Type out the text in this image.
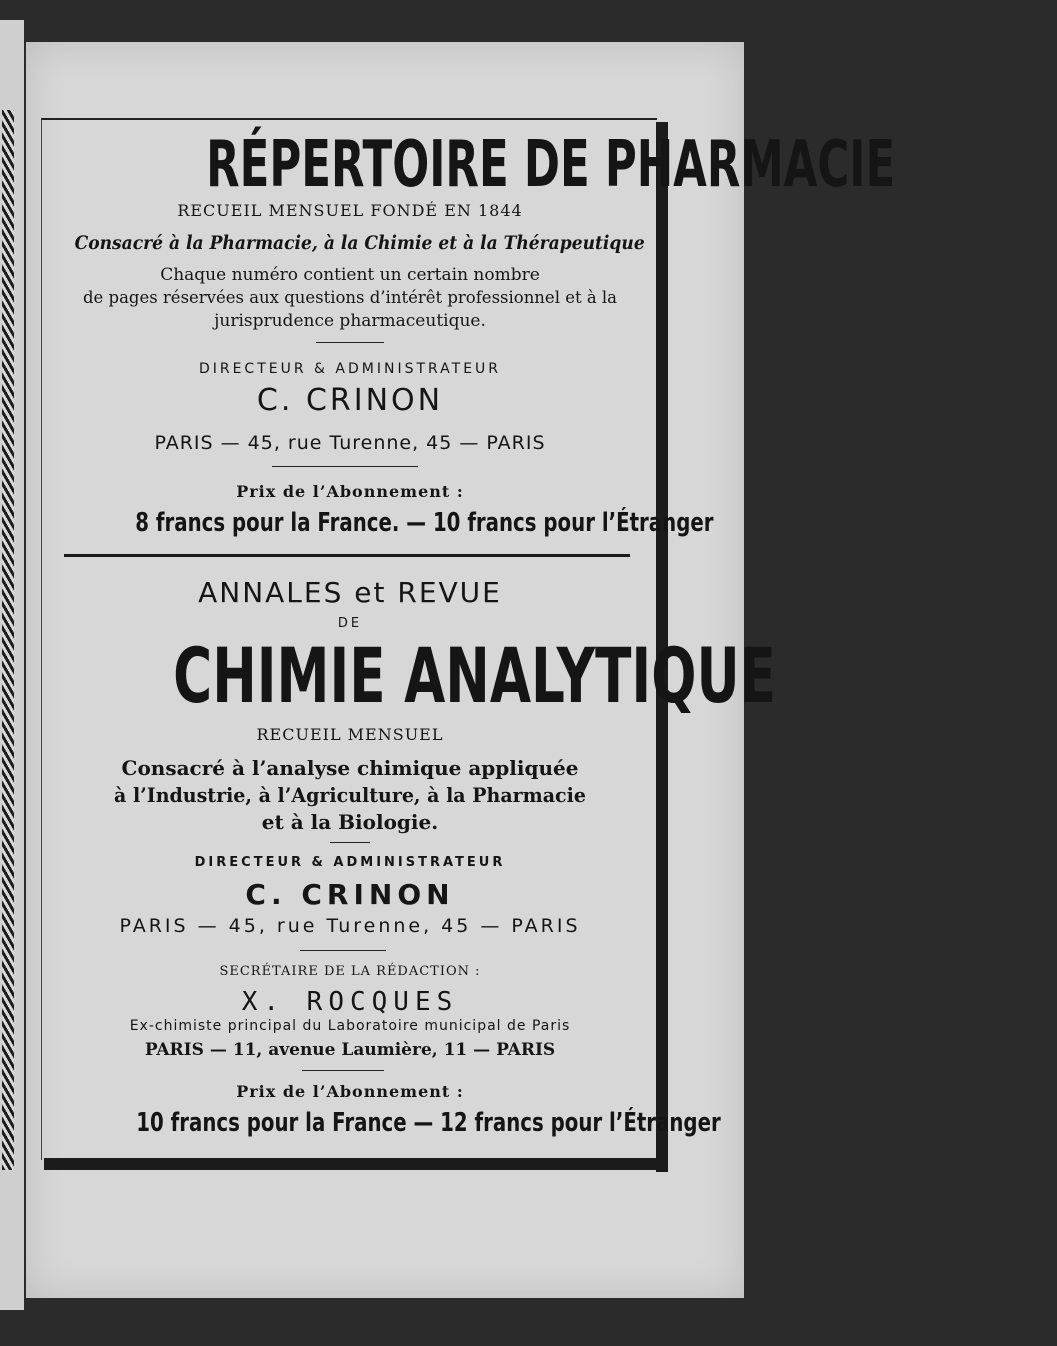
RÉPERTOIRE DE PHARMACIE
RECUEIL MENSUEL FONDÉ EN 1844
Consacré à la Pharmacie, à la Chimie et à la Thérapeutique
Chaque numéro contient un certain nombre
de pages réservées aux questions d’intérêt professionnel et à la
jurisprudence pharmaceutique.
DIRECTEUR & ADMINISTRATEUR
C. CRINON
PARIS — 45, rue Turenne, 45 — PARIS
Prix de l’Abonnement :
8 francs pour la France. — 10 francs pour l’Étranger
ANNALES et REVUE
DE
CHIMIE ANALYTIQUE
RECUEIL MENSUEL
Consacré à l’analyse chimique appliquée
à l’Industrie, à l’Agriculture, à la Pharmacie
et à la Biologie.
DIRECTEUR & ADMINISTRATEUR
C. CRINON
PARIS — 45, rue Turenne, 45 — PARIS
SECRÉTAIRE DE LA RÉDACTION :
X. ROCQUES
Ex-chimiste principal du Laboratoire municipal de Paris
PARIS — 11, avenue Laumière, 11 — PARIS
Prix de l’Abonnement :
10 francs pour la France — 12 francs pour l’Étranger
